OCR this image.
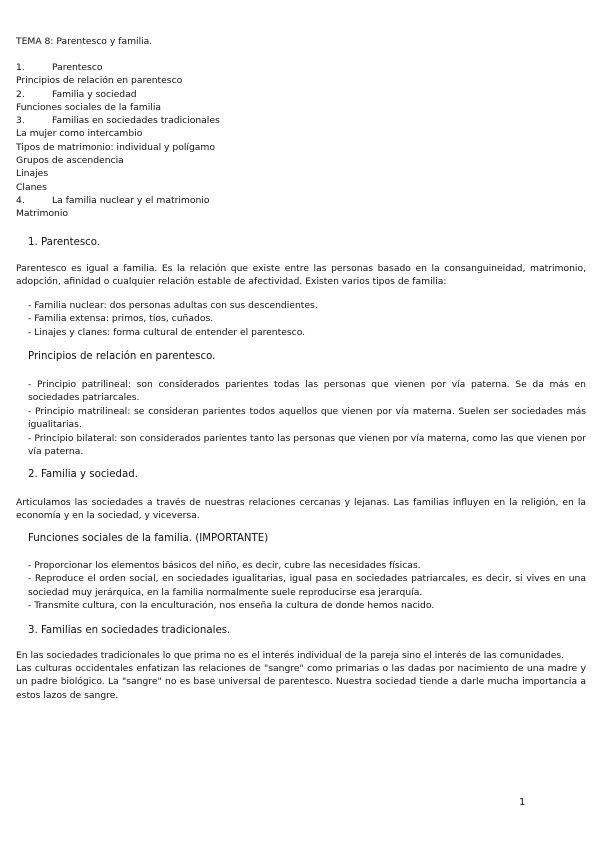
TEMA 8: Parentesco y familia.
1.	Parentesco
Principios de relación en parentesco
2.	Familia y sociedad
Funciones sociales de la familia
3.	Familias en sociedades tradicionales
La mujer como intercambio
Tipos de matrimonio: individual y polígamo
Grupos de ascendencia
Linajes
Clanes
4.	La familia nuclear y el matrimonio
Matrimonio
1. Parentesco.
Parentesco es igual a familia. Es la relación que existe entre las personas basado en la consanguineidad, matrimonio, adopción, afinidad o cualquier relación estable de afectividad. Existen varios tipos de familia:
- Familia nuclear: dos personas adultas con sus descendientes.
- Familia extensa: primos, tíos, cuñados.
- Linajes y clanes: forma cultural de entender el parentesco.
Principios de relación en parentesco.
- Principio patrilineal: son considerados parientes todas las personas que vienen por vía paterna. Se da más en sociedades patriarcales.
- Principio matrilineal: se consideran parientes todos aquellos que vienen por vía materna. Suelen ser sociedades más igualitarias.
- Principio bilateral: son considerados parientes tanto las personas que vienen por vía materna, como las que vienen por vía paterna.
2. Familia y sociedad.
Articulamos las sociedades a través de nuestras relaciones cercanas y lejanas. Las familias influyen en la religión, en la economía y en la sociedad, y viceversa.
Funciones sociales de la familia. (IMPORTANTE)
- Proporcionar los elementos básicos del niño, es decir, cubre las necesidades físicas.
- Reproduce el orden social, en sociedades igualitarias, igual pasa en sociedades patriarcales, es decir, si vives en una sociedad muy jerárquica, en la familia normalmente suele reproducirse esa jerarquía.
- Transmite cultura, con la enculturación, nos enseña la cultura de donde hemos nacido.
3. Familias en sociedades tradicionales.
En las sociedades tradicionales lo que prima no es el interés individual de la pareja sino el interés de las comunidades.
Las culturas occidentales enfatizan las relaciones de "sangre" como primarias o las dadas por nacimiento de una madre y un padre biológico. La "sangre" no es base universal de parentesco. Nuestra sociedad tiende a darle mucha importancia a estos lazos de sangre.
1
